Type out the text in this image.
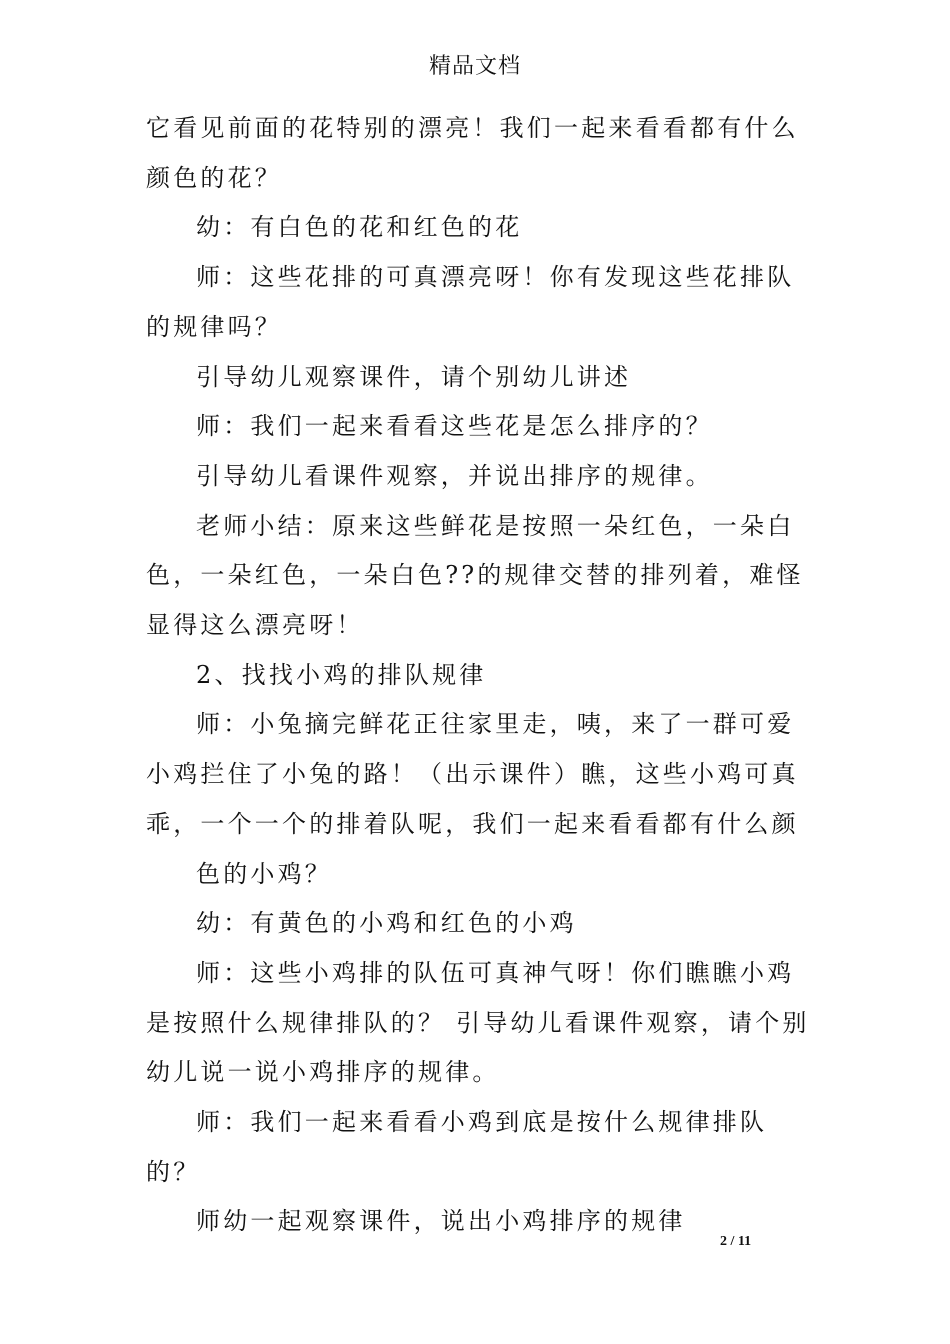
精品文档

它看见前面的花特别的漂亮！我们一起来看看都有什么颜色的花？

幼：有白色的花和红色的花

师：这些花排的可真漂亮呀！你有发现这些花排队的规律吗？

引导幼儿观察课件，请个别幼儿讲述

师：我们一起来看看这些花是怎么排序的？

引导幼儿看课件观察，并说出排序的规律。

老师小结：原来这些鲜花是按照一朵红色，一朵白色，一朵红色，一朵白色??的规律交替的排列着，难怪显得这么漂亮呀！

2、找找小鸡的排队规律

师：小兔摘完鲜花正往家里走，咦，来了一群可爱小鸡拦住了小兔的路！（出示课件）瞧，这些小鸡可真乖，一个一个的排着队呢，我们一起来看看都有什么颜

色的小鸡？

幼：有黄色的小鸡和红色的小鸡

师：这些小鸡排的队伍可真神气呀！你们瞧瞧小鸡是按照什么规律排队的？ 引导幼儿看课件观察，请个别幼儿说一说小鸡排序的规律。

师：我们一起来看看小鸡到底是按什么规律排队的？

师幼一起观察课件，说出小鸡排序的规律

2 / 11
